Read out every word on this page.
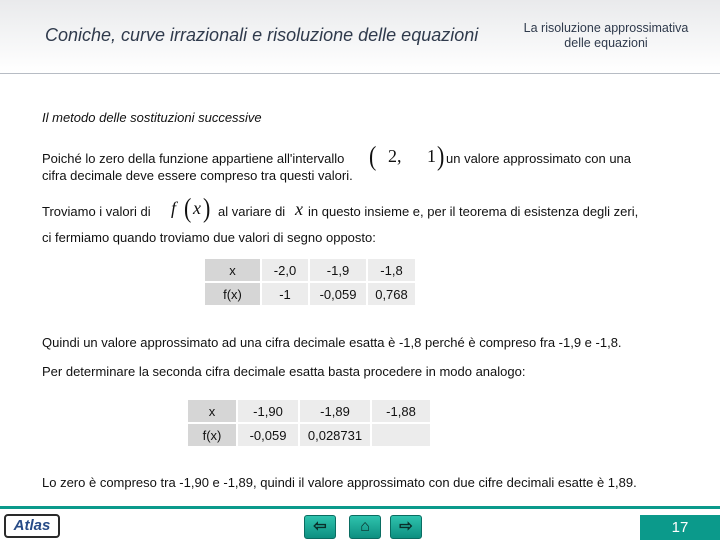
Coniche, curve irrazionali e risoluzione delle equazioni	La risoluzione approssimativa
delle equazioni
Il metodo delle sostituzioni successive
Poiché lo zero della funzione appartiene all'intervallo ( 2, 1 ) un valore approssimato con una
cifra decimale deve essere compreso tra questi valori.
Troviamo i valori di f ( x ) al variare di x in questo insieme e, per il teorema di esistenza degli zeri,
ci fermiamo quando troviamo due valori di segno opposto:
x	-2,0	-1,9	-1,8
f(x)	-1	-0,059	0,768
Quindi un valore approssimato ad una cifra decimale esatta è -1,8 perché è compreso fra -1,9 e -1,8.
Per determinare la seconda cifra decimale esatta basta procedere in modo analogo:
x	-1,90	-1,89	-1,88
f(x)	-0,059	0,028731	
Lo zero è compreso tra -1,90 e -1,89, quindi il valore approssimato con due cifre decimali esatte è 1,89.
Atlas	⇦	⌂	⇨	17
